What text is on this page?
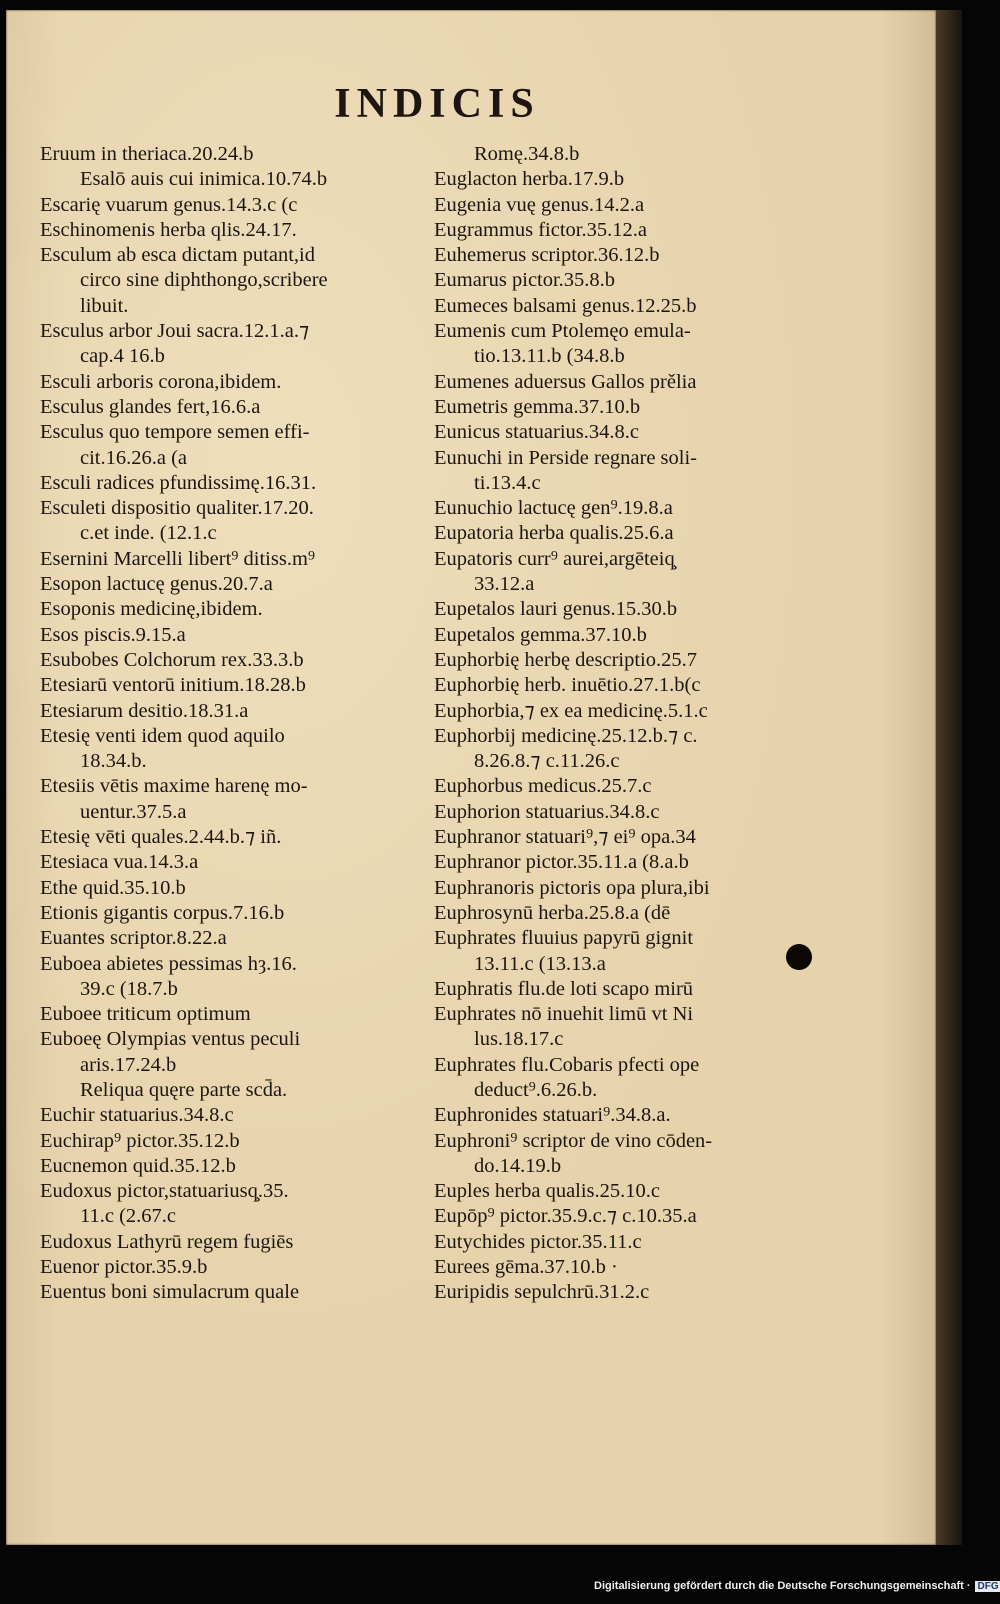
INDICIS
Eruum in theriaca.20.24.b
Esalō auis cui inimica.10.74.b
Escarię vuarum genus.14.3.c (c
Eschinomenis herba qlis.24.17.
Esculum ab esca dictam putant,id
circo sine diphthongo,scribere
libuit.
Esculus arbor Joui sacra.12.1.a.⁊
cap.4 16.b
Esculi arboris corona,ibidem.
Esculus glandes fert,16.6.a
Esculus quo tempore semen effi-
cit.16.26.a (a
Esculi radices pfundissimę.16.31.
Esculeti dispositio qualiter.17.20.
c.et inde. (12.1.c
Esernini Marcelli libert⁹ ditiss.m⁹
Esopon lactucę genus.20.7.a
Esoponis medicinę,ibidem.
Esos piscis.9.15.a
Esubobes Colchorum rex.33.3.b
Etesiarū ventorū initium.18.28.b
Etesiarum desitio.18.31.a
Etesię venti idem quod aquilo
18.34.b.
Etesiis vētis maxime harenę mo-
uentur.37.5.a
Etesię vēti quales.2.44.b.⁊ iñ.
Etesiaca vua.14.3.a
Ethe quid.35.10.b
Etionis gigantis corpus.7.16.b
Euantes scriptor.8.22.a
Euboea abietes pessimas hȝ.16.
39.c (18.7.b
Euboee triticum optimum
Euboeę Olympias ventus peculi
aris.17.24.b
Reliqua quęre parte scd̄a.
Euchir statuarius.34.8.c
Euchirap⁹ pictor.35.12.b
Eucnemon quid.35.12.b
Eudoxus pictor,statuariusq̧.35.
11.c (2.67.c
Eudoxus Lathyrū regem fugiēs
Euenor pictor.35.9.b
Euentus boni simulacrum quale
Romę.34.8.b
Euglacton herba.17.9.b
Eugenia vuę genus.14.2.a
Eugrammus fictor.35.12.a
Euhemerus scriptor.36.12.b
Eumarus pictor.35.8.b
Eumeces balsami genus.12.25.b
Eumenis cum Ptolemęo emula-
tio.13.11.b (34.8.b
Eumenes aduersus Gallos prělia
Eumetris gemma.37.10.b
Eunicus statuarius.34.8.c
Eunuchi in Perside regnare soli-
ti.13.4.c
Eunuchio lactucę gen⁹.19.8.a
Eupatoria herba qualis.25.6.a
Eupatoris curr⁹ aurei,argēteiq̧
33.12.a
Eupetalos lauri genus.15.30.b
Eupetalos gemma.37.10.b
Euphorbię herbę descriptio.25.7
Euphorbię herb. inuētio.27.1.b(c
Euphorbia,⁊ ex ea medicinę.5.1.c
Euphorbij medicinę.25.12.b.⁊ c.
8.26.8.⁊ c.11.26.c
Euphorbus medicus.25.7.c
Euphorion statuarius.34.8.c
Euphranor statuari⁹,⁊ ei⁹ opa.34
Euphranor pictor.35.11.a (8.a.b
Euphranoris pictoris opa plura,ibi
Euphrosynū herba.25.8.a (dē
Euphrates fluuius papyrū gignit
13.11.c (13.13.a
Euphratis flu.de loti scapo mirū
Euphrates nō inuehit limū vt Ni
lus.18.17.c
Euphrates flu.Cobaris pfecti ope
deduct⁹.6.26.b.
Euphronides statuari⁹.34.8.a.
Euphroni⁹ scriptor de vino cōden-
do.14.19.b
Euples herba qualis.25.10.c
Eupōp⁹ pictor.35.9.c.⁊ c.10.35.a
Eutychides pictor.35.11.c
Eurees gēma.37.10.b ·
Euripidis sepulchrū.31.2.c
Digitalisierung gefördert durch die Deutsche Forschungsgemeinschaft · DFG
